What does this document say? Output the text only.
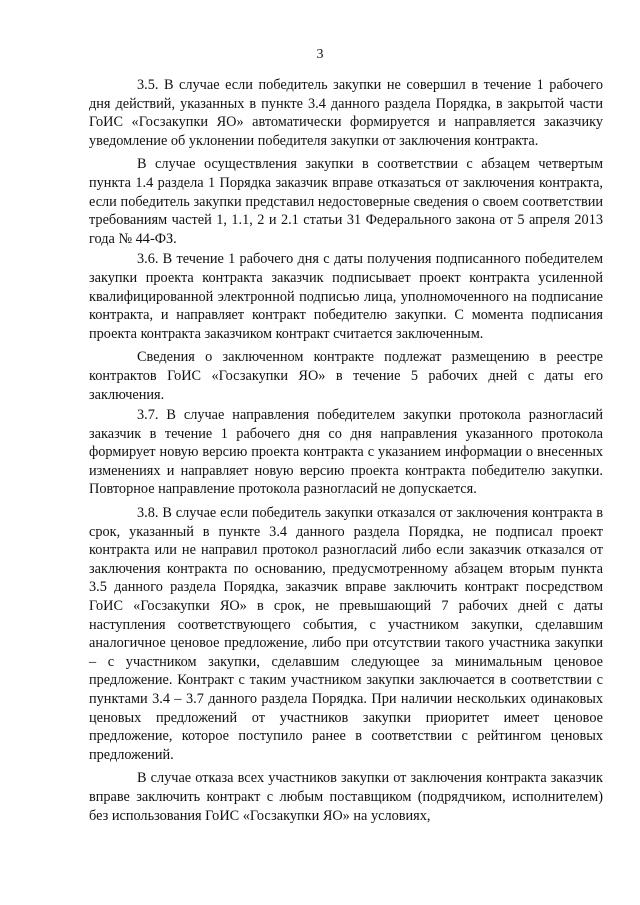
3

3.5. В случае если победитель закупки не совершил в течение 1 рабочего дня действий, указанных в пункте 3.4 данного раздела Порядка, в закрытой части ГоИС «Госзакупки ЯО» автоматически формируется и направляется заказчику уведомление об уклонении победителя закупки от заключения контракта.

В случае осуществления закупки в соответствии с абзацем четвертым пункта 1.4 раздела 1 Порядка заказчик вправе отказаться от заключения контракта, если победитель закупки представил недостоверные сведения о своем соответствии требованиям частей 1, 1.1, 2 и 2.1 статьи 31 Федерального закона от 5 апреля 2013 года № 44-ФЗ.

3.6. В течение 1 рабочего дня с даты получения подписанного победителем закупки проекта контракта заказчик подписывает проект контракта усиленной квалифицированной электронной подписью лица, уполномоченного на подписание контракта, и направляет контракт победителю закупки. С момента подписания проекта контракта заказчиком контракт считается заключенным.

Сведения о заключенном контракте подлежат размещению в реестре контрактов ГоИС «Госзакупки ЯО» в течение 5 рабочих дней с даты его заключения.

3.7. В случае направления победителем закупки протокола разногласий заказчик в течение 1 рабочего дня со дня направления указанного протокола формирует новую версию проекта контракта с указанием информации о внесенных изменениях и направляет новую версию проекта контракта победителю закупки. Повторное направление протокола разногласий не допускается.

3.8. В случае если победитель закупки отказался от заключения контракта в срок, указанный в пункте 3.4 данного раздела Порядка, не подписал проект контракта или не направил протокол разногласий либо если заказчик отказался от заключения контракта по основанию, предусмотренному абзацем вторым пункта 3.5 данного раздела Порядка, заказчик вправе заключить контракт посредством ГоИС «Госзакупки ЯО» в срок, не превышающий 7 рабочих дней с даты наступления соответствующего события, с участником закупки, сделавшим аналогичное ценовое предложение, либо при отсутствии такого участника закупки – с участником закупки, сделавшим следующее за минимальным ценовое предложение. Контракт с таким участником закупки заключается в соответствии с пунктами 3.4 – 3.7 данного раздела Порядка. При наличии нескольких одинаковых ценовых предложений от участников закупки приоритет имеет ценовое предложение, которое поступило ранее в соответствии с рейтингом ценовых предложений.

В случае отказа всех участников закупки от заключения контракта заказчик вправе заключить контракт с любым поставщиком (подрядчиком, исполнителем) без использования ГоИС «Госзакупки ЯО» на условиях,
